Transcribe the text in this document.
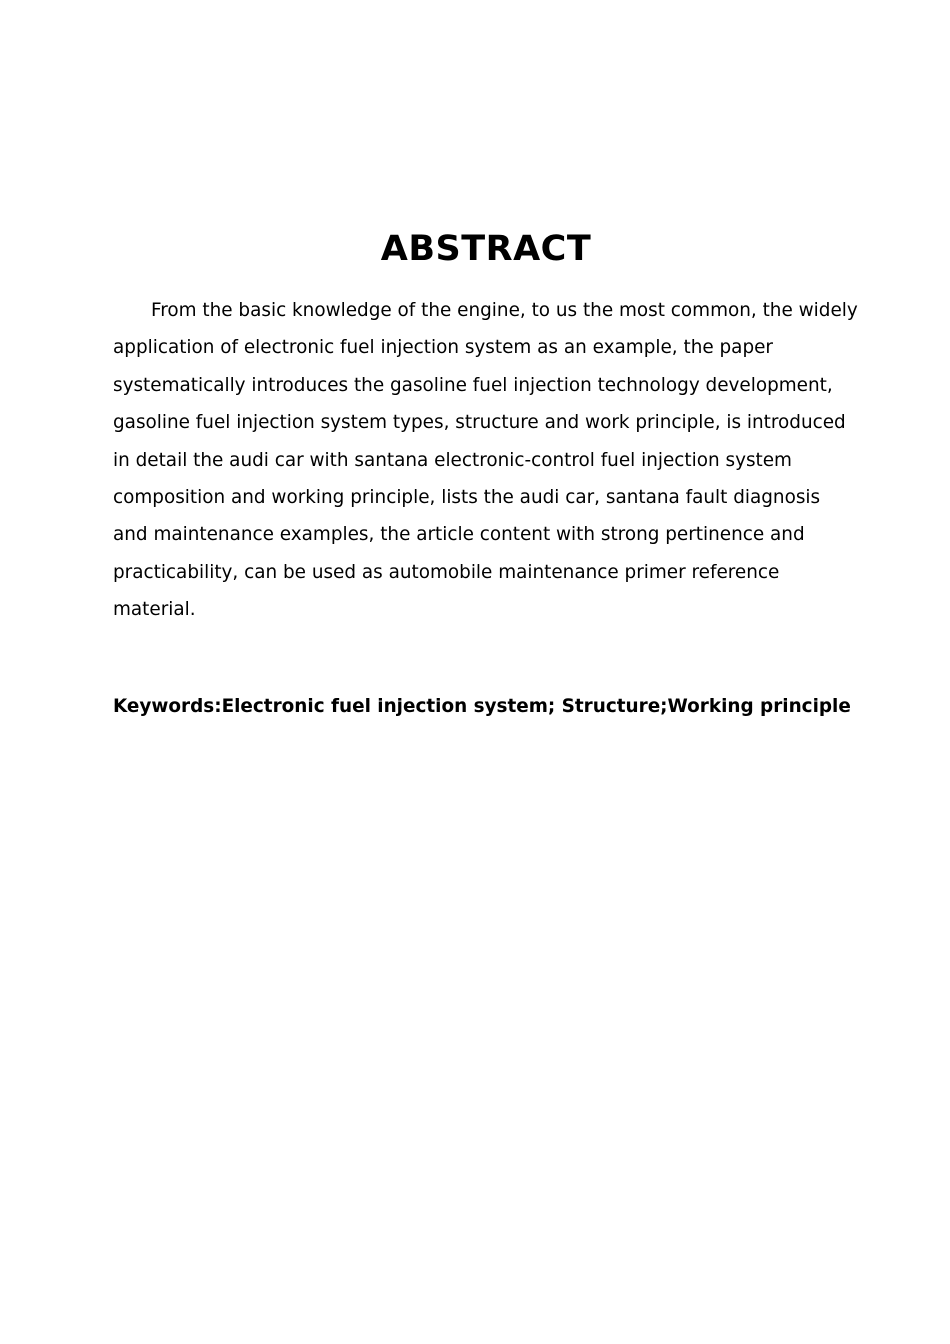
ABSTRACT

From the basic knowledge of the engine, to us the most common, the widely application of electronic fuel injection system as an example, the paper systematically introduces the gasoline fuel injection technology development, gasoline fuel injection system types, structure and work principle, is introduced in detail the audi car with santana electronic-control fuel injection system composition and working principle, lists the audi car, santana fault diagnosis and maintenance examples, the article content with strong pertinence and practicability, can be used as automobile maintenance primer reference material.

Keywords:Electronic fuel injection system; Structure;Working principle
